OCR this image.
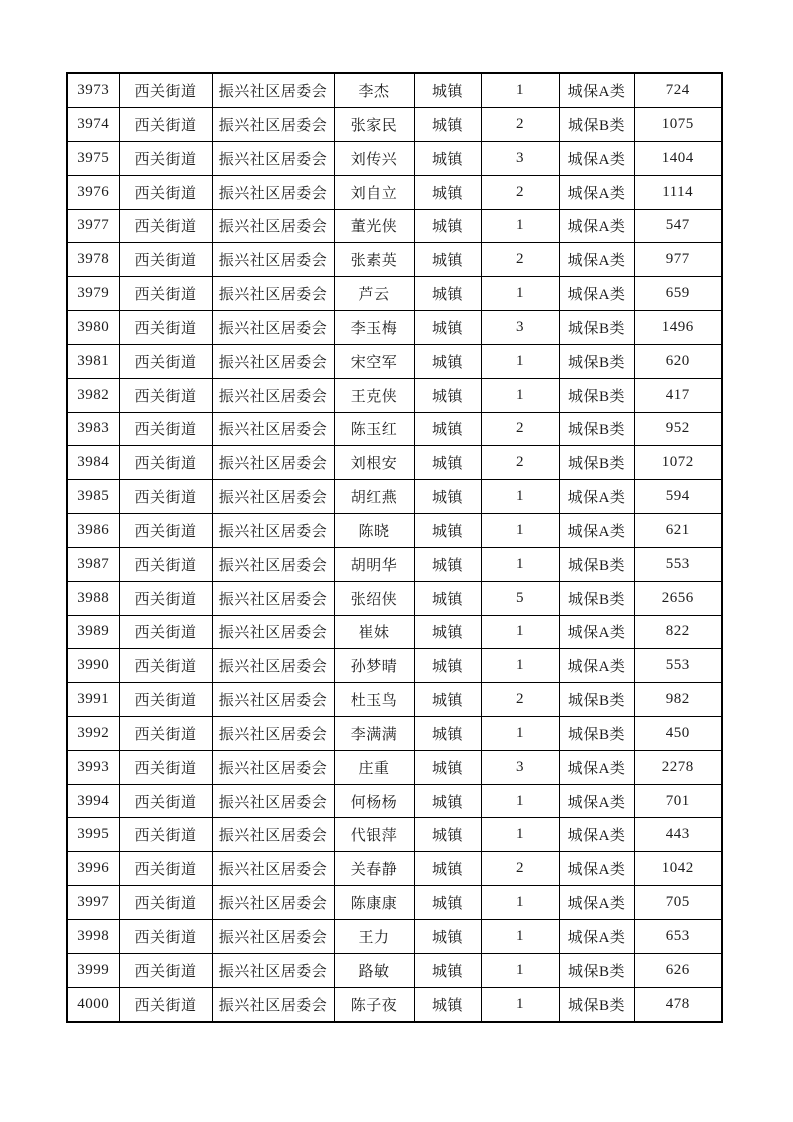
3973	西关街道	振兴社区居委会	李杰	城镇	1	城保A类	724
3974	西关街道	振兴社区居委会	张家民	城镇	2	城保B类	1075
3975	西关街道	振兴社区居委会	刘传兴	城镇	3	城保A类	1404
3976	西关街道	振兴社区居委会	刘自立	城镇	2	城保A类	1114
3977	西关街道	振兴社区居委会	董光侠	城镇	1	城保A类	547
3978	西关街道	振兴社区居委会	张素英	城镇	2	城保A类	977
3979	西关街道	振兴社区居委会	芦云	城镇	1	城保A类	659
3980	西关街道	振兴社区居委会	李玉梅	城镇	3	城保B类	1496
3981	西关街道	振兴社区居委会	宋空军	城镇	1	城保B类	620
3982	西关街道	振兴社区居委会	王克侠	城镇	1	城保B类	417
3983	西关街道	振兴社区居委会	陈玉红	城镇	2	城保B类	952
3984	西关街道	振兴社区居委会	刘根安	城镇	2	城保B类	1072
3985	西关街道	振兴社区居委会	胡红燕	城镇	1	城保A类	594
3986	西关街道	振兴社区居委会	陈晓	城镇	1	城保A类	621
3987	西关街道	振兴社区居委会	胡明华	城镇	1	城保B类	553
3988	西关街道	振兴社区居委会	张绍侠	城镇	5	城保B类	2656
3989	西关街道	振兴社区居委会	崔妹	城镇	1	城保A类	822
3990	西关街道	振兴社区居委会	孙梦晴	城镇	1	城保A类	553
3991	西关街道	振兴社区居委会	杜玉鸟	城镇	2	城保B类	982
3992	西关街道	振兴社区居委会	李满满	城镇	1	城保B类	450
3993	西关街道	振兴社区居委会	庄重	城镇	3	城保A类	2278
3994	西关街道	振兴社区居委会	何杨杨	城镇	1	城保A类	701
3995	西关街道	振兴社区居委会	代银萍	城镇	1	城保A类	443
3996	西关街道	振兴社区居委会	关春静	城镇	2	城保A类	1042
3997	西关街道	振兴社区居委会	陈康康	城镇	1	城保A类	705
3998	西关街道	振兴社区居委会	王力	城镇	1	城保A类	653
3999	西关街道	振兴社区居委会	路敏	城镇	1	城保B类	626
4000	西关街道	振兴社区居委会	陈子夜	城镇	1	城保B类	478
